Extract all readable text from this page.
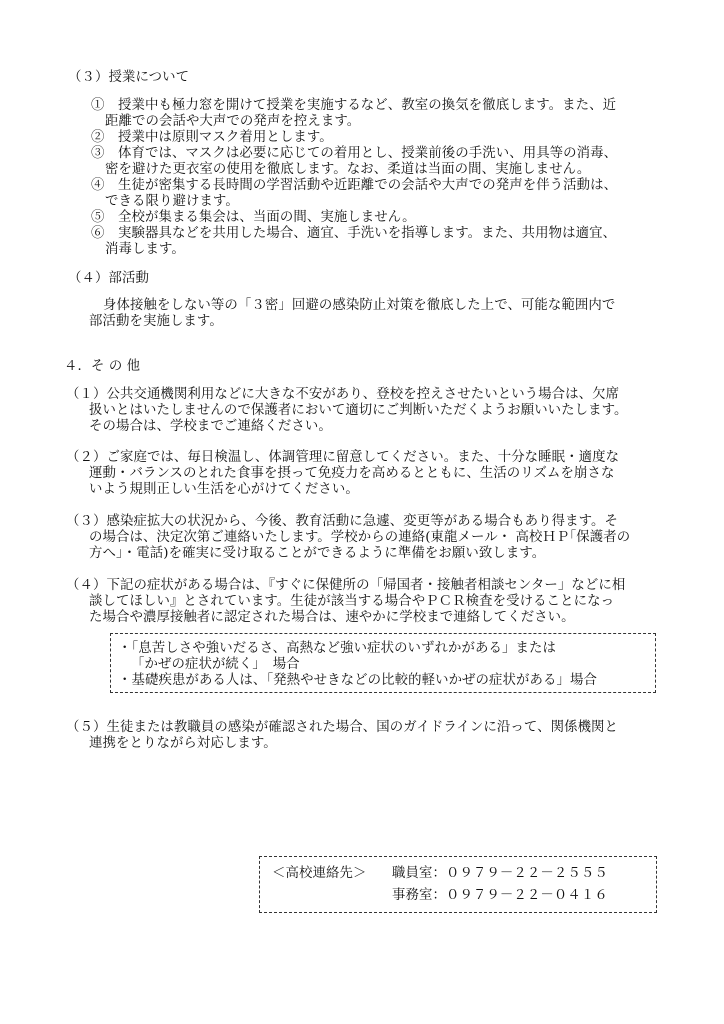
（３）授業について
①　授業中も極力窓を開けて授業を実施するなど、教室の換気を徹底します。また、近
距離での会話や大声での発声を控えます。
②　授業中は原則マスク着用とします。
③　体育では、マスクは必要に応じての着用とし、授業前後の手洗い、用具等の消毒、
密を避けた更衣室の使用を徹底します。なお、柔道は当面の間、実施しません。
④　生徒が密集する長時間の学習活動や近距離での会話や大声での発声を伴う活動は、
できる限り避けます。
⑤　全校が集まる集会は、当面の間、実施しません。
⑥　実験器具などを共用した場合、適宜、手洗いを指導します。また、共用物は適宜、
消毒します。
（４）部活動
身体接触をしない等の「３密」回避の感染防止対策を徹底した上で、可能な範囲内で
部活動を実施します。
４．そ の 他
（１）公共交通機関利用などに大きな不安があり、登校を控えさせたいという場合は、欠席
扱いとはいたしませんので保護者において適切にご判断いただくようお願いいたします。
その場合は、学校までご連絡ください。
（２）ご家庭では、毎日検温し、体調管理に留意してください。また、十分な睡眠・適度な
運動・バランスのとれた食事を摂って免疫力を高めるとともに、生活のリズムを崩さな
いよう規則正しい生活を心がけてください。
（３）感染症拡大の状況から、今後、教育活動に急遽、変更等がある場合もあり得ます。そ
の場合は、決定次第ご連絡いたします。学校からの連絡(東龍メール・ 高校ＨＰ｢保護者の
方へ｣・電話)を確実に受け取ることができるように準備をお願い致します。
（４）下記の症状がある場合は、『すぐに保健所の「帰国者・接触者相談センター」などに相
談してほしい』とされています。生徒が該当する場合やＰＣＲ検査を受けることになっ
た場合や濃厚接触者に認定された場合は、速やかに学校まで連絡してください。
・「息苦しさや強いだるさ、高熱など強い症状のいずれかがある」または
「かぜの症状が続く」　場合
・基礎疾患がある人は、「発熱やせきなどの比較的軽いかぜの症状がある」場合
（５）生徒または教職員の感染が確認された場合、国のガイドラインに沿って、関係機関と
連携をとりながら対応します。
＜高校連絡先＞ 職員室：０９７９－２２－２５５５
事務室：０９７９－２２－０４１６
